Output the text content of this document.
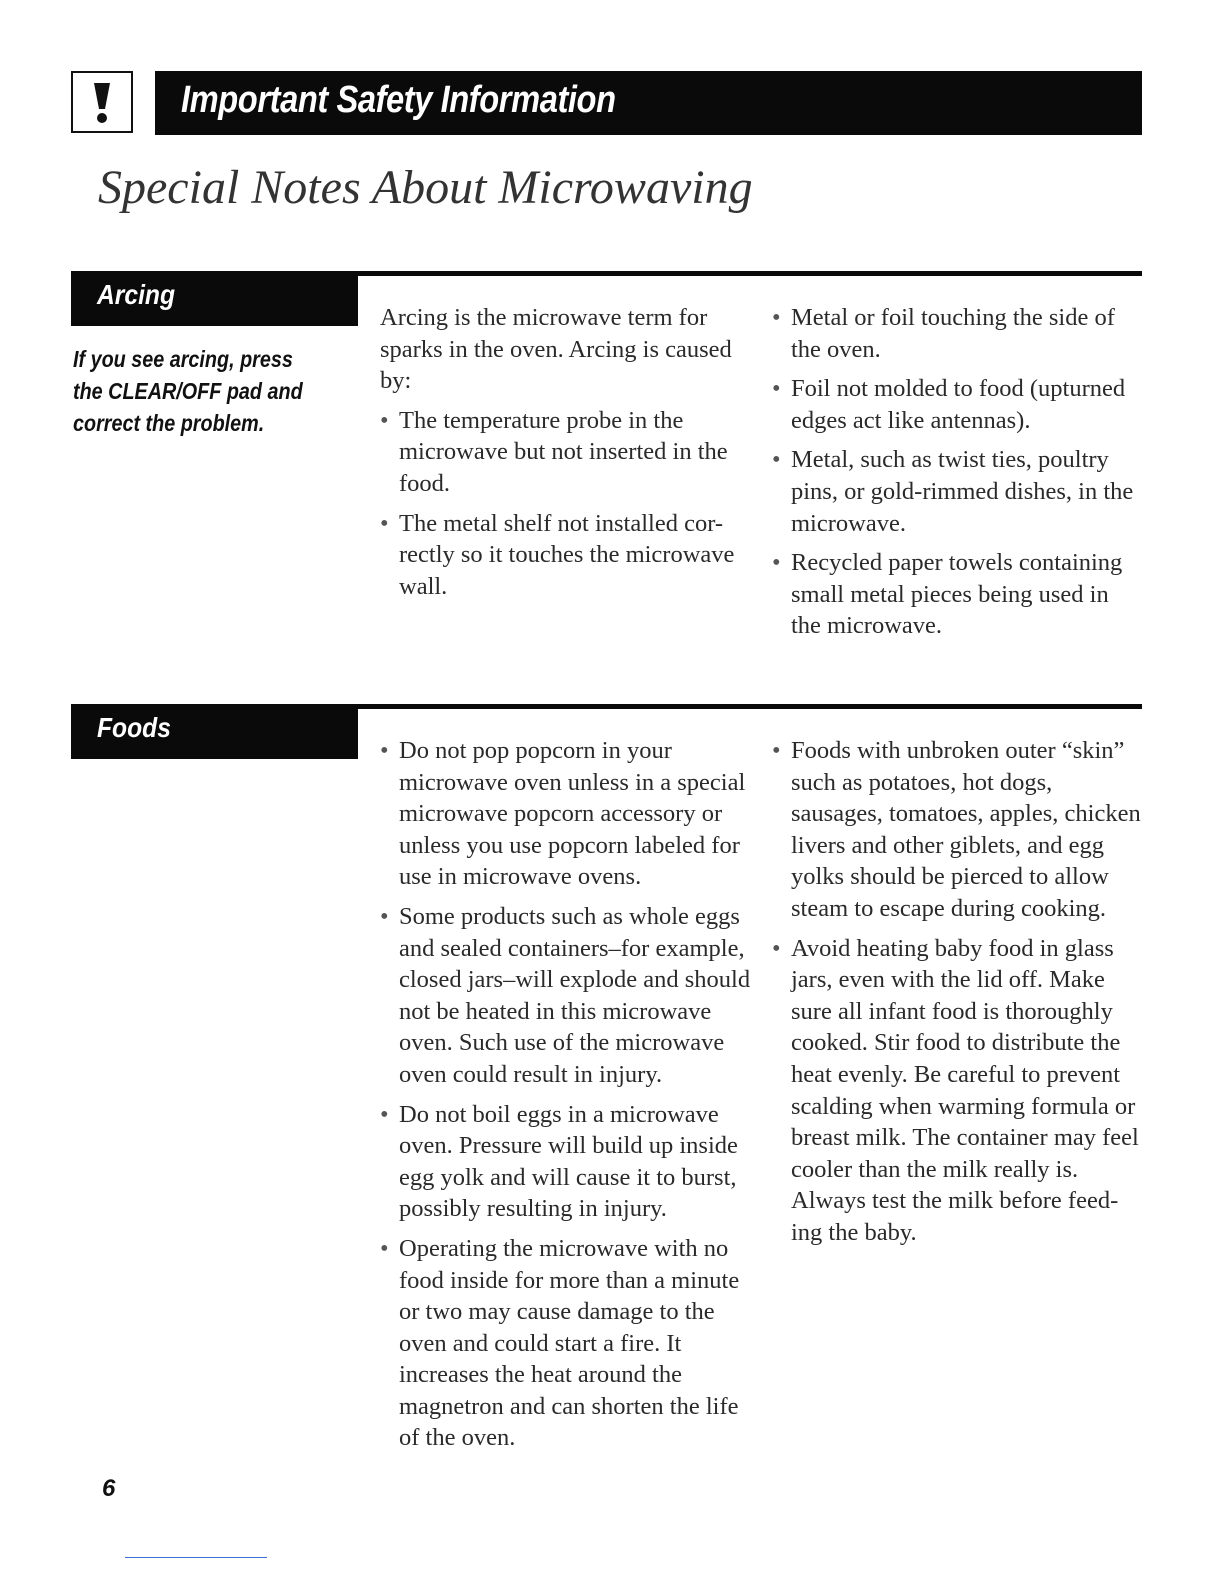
Important Safety Information
Special Notes About Microwaving
Arcing
If you see arcing, press the CLEAR/OFF pad and correct the problem.

Arcing is the microwave term for sparks in the oven. Arcing is caused by:

• The temperature probe in the microwave but not inserted in the food.
• The metal shelf not installed cor-rectly so it touches the microwave wall.
• Metal or foil touching the side of the oven.
• Foil not molded to food (upturned edges act like antennas).
• Metal, such as twist ties, poultry pins, or gold-rimmed dishes, in the microwave.
• Recycled paper towels containing small metal pieces being used in the microwave.
Foods
• Do not pop popcorn in your microwave oven unless in a special microwave popcorn accessory or unless you use popcorn labeled for use in microwave ovens.
• Some products such as whole eggs and sealed containers–for example, closed jars–will explode and should not be heated in this microwave oven. Such use of the microwave oven could result in injury.
• Do not boil eggs in a microwave oven. Pressure will build up inside egg yolk and will cause it to burst, possibly resulting in injury.
• Operating the microwave with no food inside for more than a minute or two may cause damage to the oven and could start a fire. It increases the heat around the magnetron and can shorten the life of the oven.
• Foods with unbroken outer “skin” such as potatoes, hot dogs, sausages, tomatoes, apples, chicken livers and other giblets, and egg yolks should be pierced to allow steam to escape during cooking.
• Avoid heating baby food in glass jars, even with the lid off. Make sure all infant food is thoroughly cooked. Stir food to distribute the heat evenly. Be careful to prevent scalding when warming formula or breast milk. The container may feel cooler than the milk really is. Always test the milk before feed-ing the baby.
6
